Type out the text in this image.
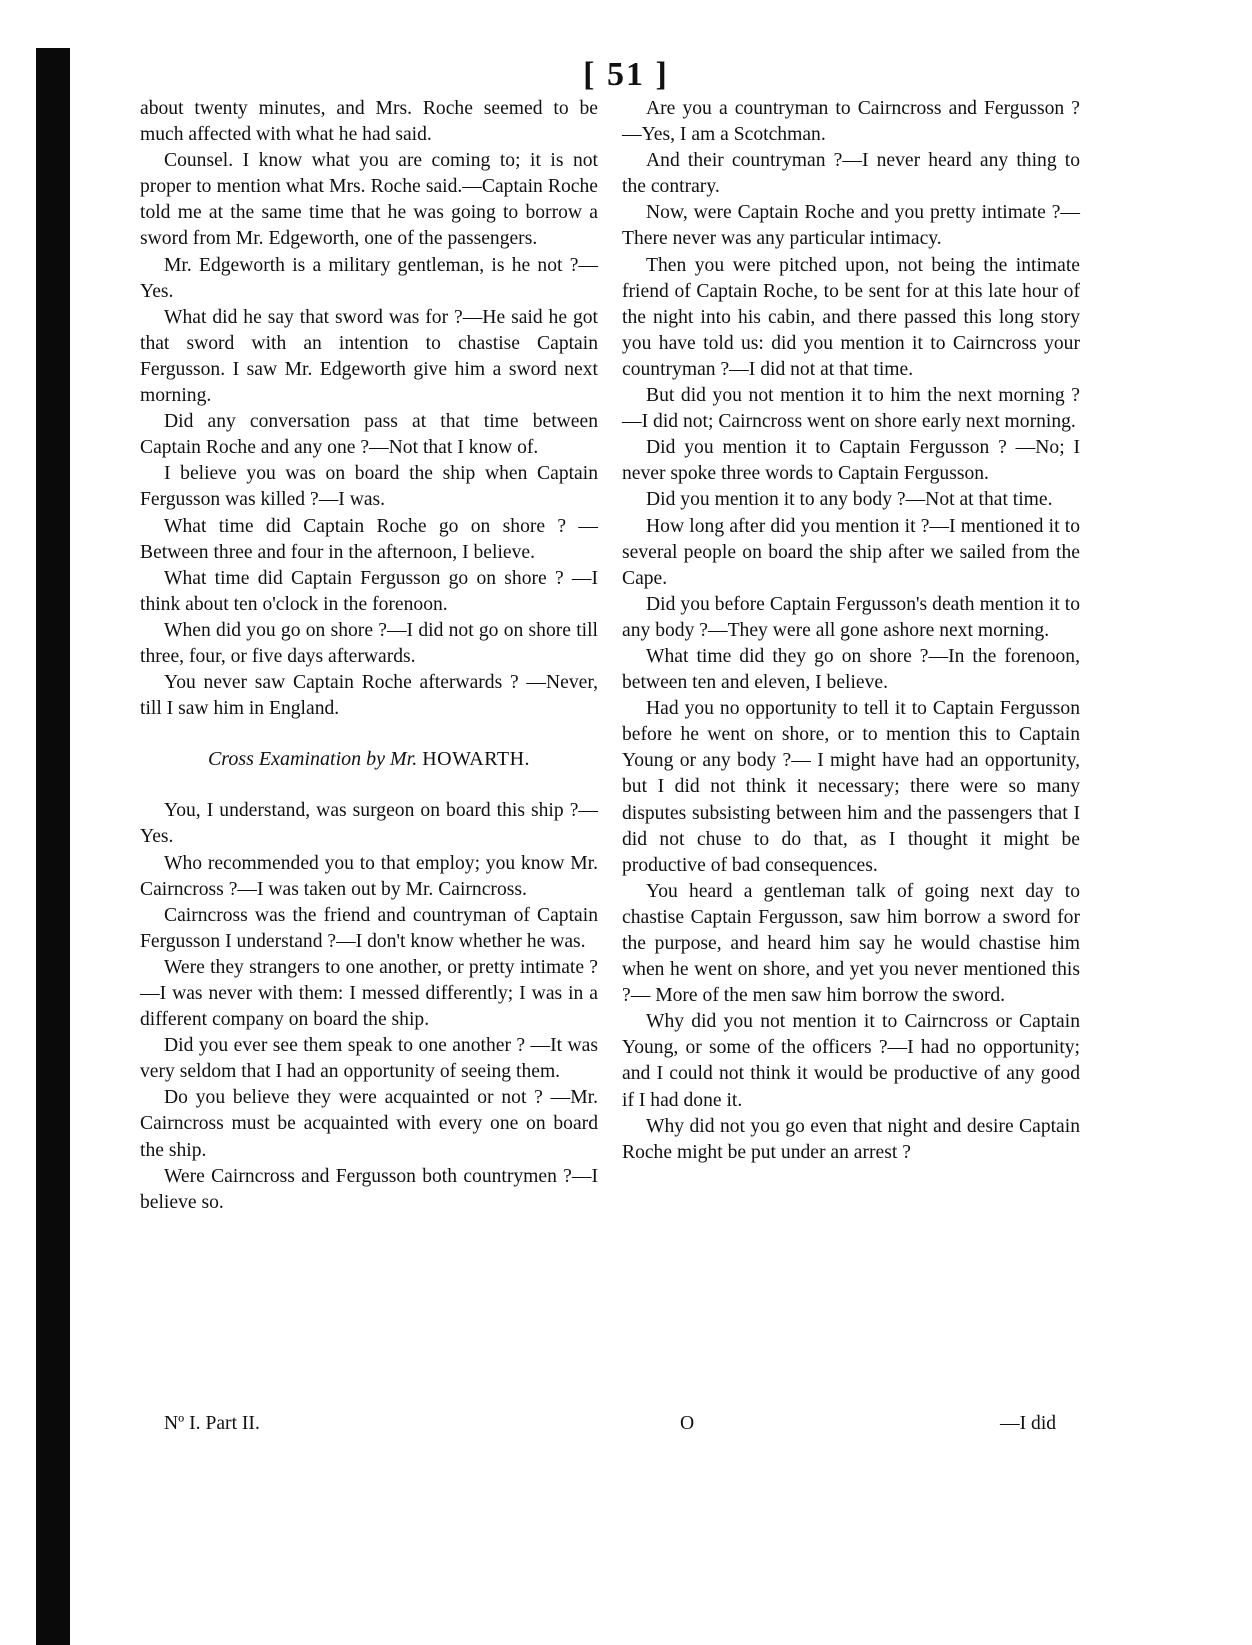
[ 51 ]

about twenty minutes, and Mrs. Roche seemed to be much affected with what he had said.

Counsel. I know what you are coming to; it is not proper to mention what Mrs. Roche said.—Captain Roche told me at the same time that he was going to borrow a sword from Mr. Edgeworth, one of the passengers.

Mr. Edgeworth is a military gentleman, is he not ?—Yes.

What did he say that sword was for ?—He said he got that sword with an intention to chastise Captain Fergusson. I saw Mr. Edgeworth give him a sword next morning.

Did any conversation pass at that time between Captain Roche and any one ?—Not that I know of.

I believe you was on board the ship when Captain Fergusson was killed ?—I was.

What time did Captain Roche go on shore ? —Between three and four in the afternoon, I believe.

What time did Captain Fergusson go on shore ? —I think about ten o'clock in the forenoon.

When did you go on shore ?—I did not go on shore till three, four, or five days afterwards.

You never saw Captain Roche afterwards ? —Never, till I saw him in England.

Cross Examination by Mr. HOWARTH.

You, I understand, was surgeon on board this ship ?—Yes.

Who recommended you to that employ; you know Mr. Cairncross ?—I was taken out by Mr. Cairncross.

Cairncross was the friend and countryman of Captain Fergusson I understand ?—I don't know whether he was.

Were they strangers to one another, or pretty intimate ?—I was never with them: I messed differently; I was in a different company on board the ship.

Did you ever see them speak to one another ? —It was very seldom that I had an opportunity of seeing them.

Do you believe they were acquainted or not ? —Mr. Cairncross must be acquainted with every one on board the ship.

Were Cairncross and Fergusson both countrymen ?—I believe so.

Are you a countryman to Cairncross and Fergusson ?—Yes, I am a Scotchman.

And their countryman ?—I never heard any thing to the contrary.

Now, were Captain Roche and you pretty intimate ?—There never was any particular intimacy.

Then you were pitched upon, not being the intimate friend of Captain Roche, to be sent for at this late hour of the night into his cabin, and there passed this long story you have told us: did you mention it to Cairncross your countryman ?—I did not at that time.

But did you not mention it to him the next morning ?—I did not; Cairncross went on shore early next morning.

Did you mention it to Captain Fergusson ? —No; I never spoke three words to Captain Fergusson.

Did you mention it to any body ?—Not at that time.

How long after did you mention it ?—I mentioned it to several people on board the ship after we sailed from the Cape.

Did you before Captain Fergusson's death mention it to any body ?—They were all gone ashore next morning.

What time did they go on shore ?—In the forenoon, between ten and eleven, I believe.

Had you no opportunity to tell it to Captain Fergusson before he went on shore, or to mention this to Captain Young or any body ?— I might have had an opportunity, but I did not think it necessary; there were so many disputes subsisting between him and the passengers that I did not chuse to do that, as I thought it might be productive of bad consequences.

You heard a gentleman talk of going next day to chastise Captain Fergusson, saw him borrow a sword for the purpose, and heard him say he would chastise him when he went on shore, and yet you never mentioned this ?— More of the men saw him borrow the sword.

Why did you not mention it to Cairncross or Captain Young, or some of the officers ?—I had no opportunity; and I could not think it would be productive of any good if I had done it.

Why did not you go even that night and desire Captain Roche might be put under an arrest ?

Nº I. Part II.	O	—I did
